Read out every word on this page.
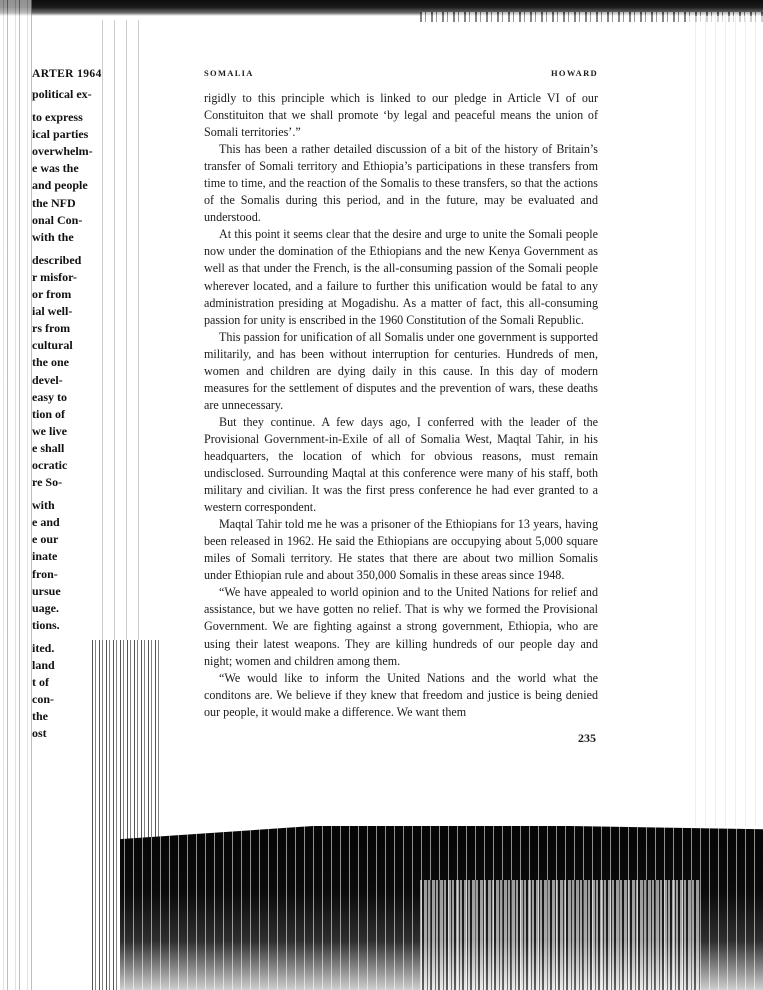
ARTER 1964
political ex-
to express
ical parties
overwhelm-
e was the
and people
the NFD
onal Con-
with the
described
r misfor-
or from
ial well-
rs from
cultural
the one
devel-
easy to
tion of
we live
e shall
ocratic
re So-
with
e and
e our
inate
fron-
ursue
uage.
tions.
ited.
land
t of
con-
the
ost
SOMALIA	HOWARD

rigidly to this principle which is linked to our pledge in Article VI of our Constituiton that we shall promote ‘by legal and peaceful means the union of Somali territories’.”

This has been a rather detailed discussion of a bit of the history of Britain’s transfer of Somali territory and Ethiopia’s participations in these transfers from time to time, and the reaction of the Somalis to these transfers, so that the actions of the Somalis during this period, and in the future, may be evaluated and understood.

At this point it seems clear that the desire and urge to unite the Somali people now under the domination of the Ethiopians and the new Kenya Government as well as that under the French, is the all-consuming passion of the Somali people wherever located, and a failure to further this unification would be fatal to any administration presiding at Mogadishu. As a matter of fact, this all-consuming passion for unity is enscribed in the 1960 Constitution of the Somali Republic.

This passion for unification of all Somalis under one government is supported militarily, and has been without interruption for centuries. Hundreds of men, women and children are dying daily in this cause. In this day of modern measures for the settlement of disputes and the prevention of wars, these deaths are unnecessary.

But they continue. A few days ago, I conferred with the leader of the Provisional Government-in-Exile of all of Somalia West, Maqtal Tahir, in his headquarters, the location of which for obvious reasons, must remain undisclosed. Surrounding Maqtal at this conference were many of his staff, both military and civilian. It was the first press conference he had ever granted to a western correspondent.

Maqtal Tahir told me he was a prisoner of the Ethiopians for 13 years, having been released in 1962. He said the Ethiopians are occupying about 5,000 square miles of Somali territory. He states that there are about two million Somalis under Ethiopian rule and about 350,000 Somalis in these areas since 1948.

“We have appealed to world opinion and to the United Nations for relief and assistance, but we have gotten no relief. That is why we formed the Provisional Government. We are fighting against a strong government, Ethiopia, who are using their latest weapons. They are killing hundreds of our people day and night; women and children among them.

“We would like to inform the United Nations and the world what the conditons are. We believe if they knew that freedom and justice is being denied our people, it would make a difference. We want them

235
